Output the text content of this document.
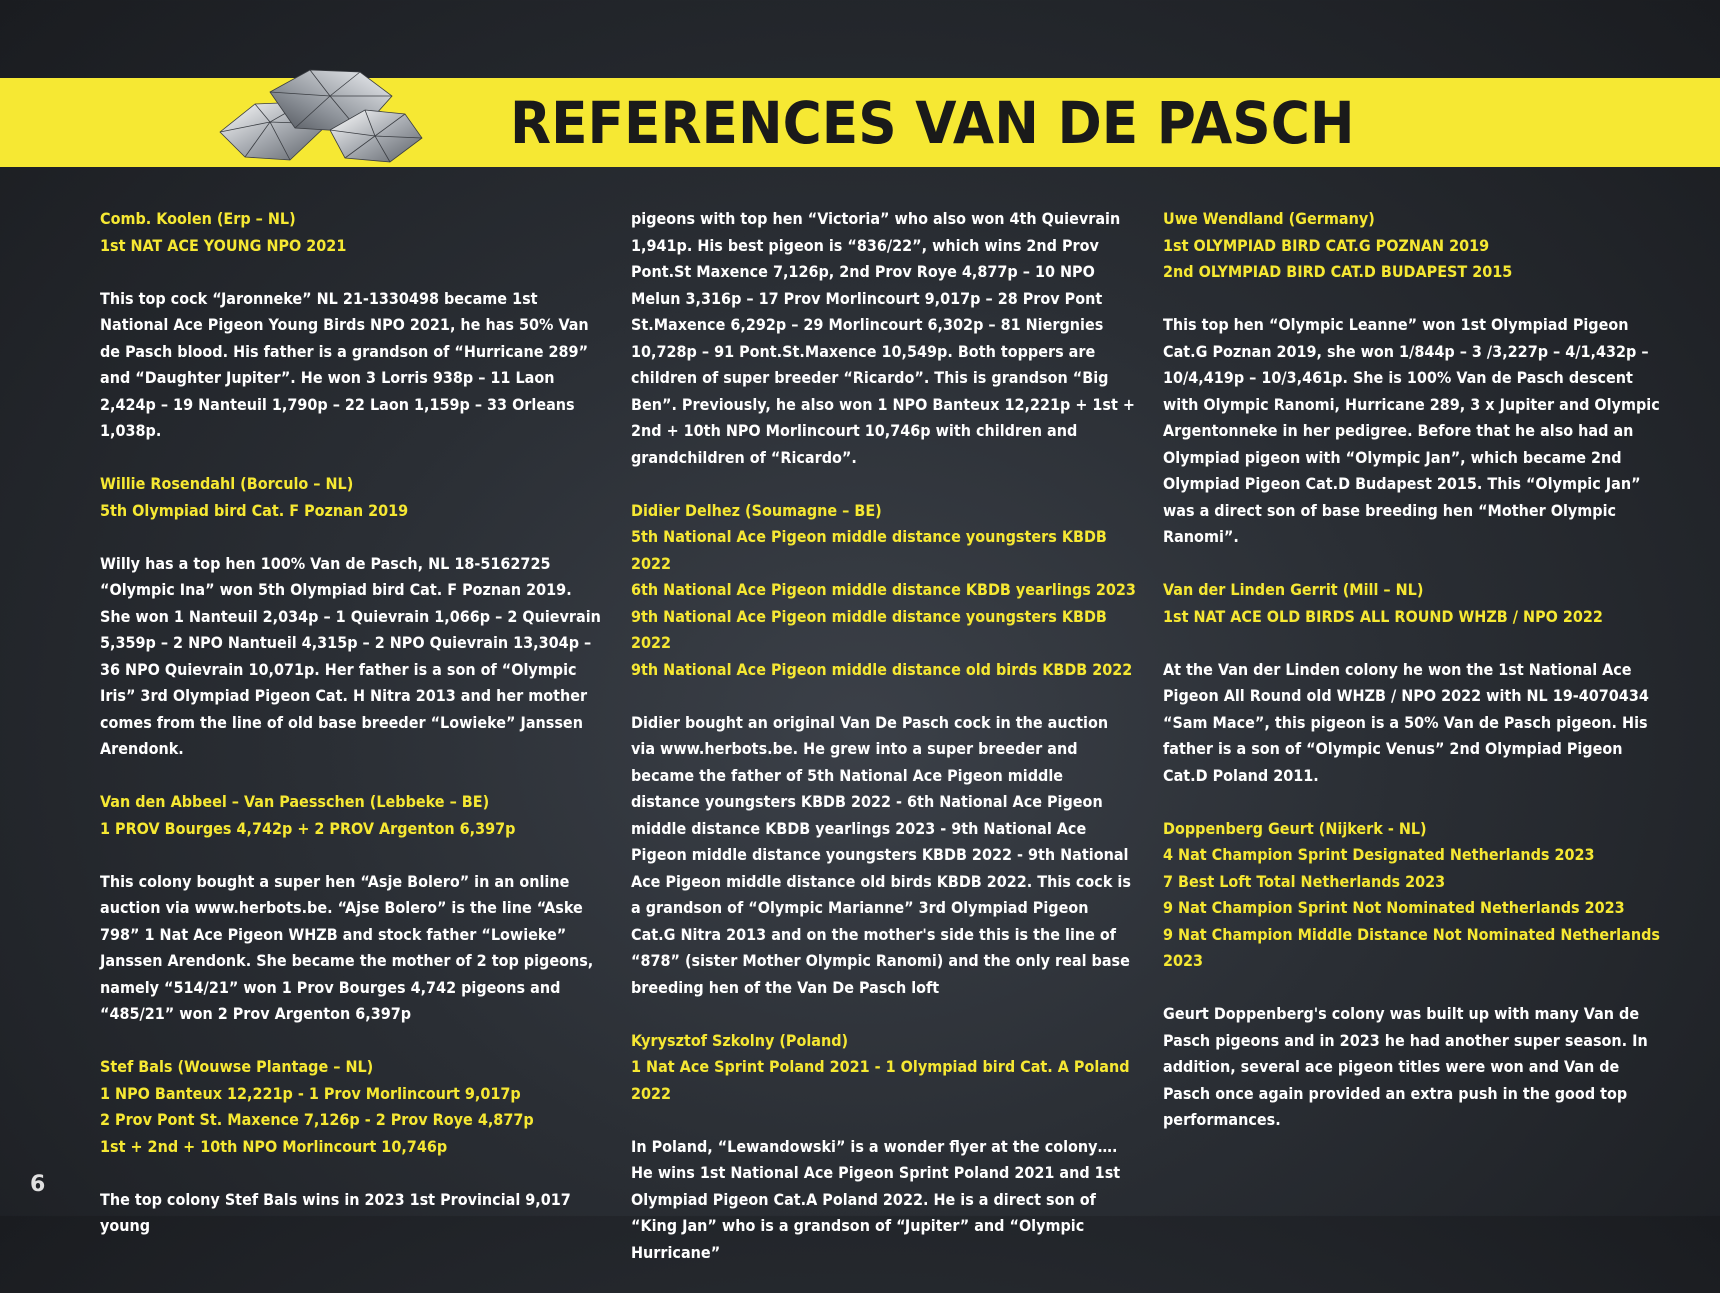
REFERENCES VAN DE PASCH

Comb. Koolen (Erp – NL)
1st NAT ACE YOUNG NPO 2021

This top cock “Jaronneke” NL 21-1330498 became 1st National Ace Pigeon Young Birds NPO 2021, he has 50% Van de Pasch blood. His father is a grandson of “Hurricane 289” and “Daughter Jupiter”. He won 3 Lorris 938p – 11 Laon 2,424p – 19 Nanteuil 1,790p – 22 Laon 1,159p – 33 Orleans 1,038p.

Willie Rosendahl (Borculo – NL)
5th Olympiad bird Cat. F Poznan 2019

Willy has a top hen 100% Van de Pasch, NL 18-5162725 “Olympic Ina” won 5th Olympiad bird Cat. F Poznan 2019. She won 1 Nanteuil 2,034p – 1 Quievrain 1,066p – 2 Quievrain 5,359p – 2 NPO Nantueil 4,315p – 2 NPO Quievrain 13,304p – 36 NPO Quievrain 10,071p. Her father is a son of “Olympic Iris” 3rd Olympiad Pigeon Cat. H Nitra 2013 and her mother comes from the line of old base breeder “Lowieke” Janssen Arendonk.

Van den Abbeel – Van Paesschen (Lebbeke – BE)
1 PROV Bourges 4,742p + 2 PROV Argenton 6,397p

This colony bought a super hen “Asje Bolero” in an online auction via www.herbots.be. “Ajse Bolero” is the line “Aske 798” 1 Nat Ace Pigeon WHZB and stock father “Lowieke” Janssen Arendonk. She became the mother of 2 top pigeons, namely “514/21” won 1 Prov Bourges 4,742 pigeons and “485/21” won 2 Prov Argenton 6,397p

Stef Bals (Wouwse Plantage – NL)
1 NPO Banteux 12,221p - 1 Prov Morlincourt 9,017p
2 Prov Pont St. Maxence 7,126p - 2 Prov Roye 4,877p
1st + 2nd + 10th NPO Morlincourt 10,746p

The top colony Stef Bals wins in 2023 1st Provincial 9,017 young

pigeons with top hen “Victoria” who also won 4th Quievrain 1,941p. His best pigeon is “836/22”, which wins 2nd Prov Pont.St Maxence 7,126p, 2nd Prov Roye 4,877p – 10 NPO Melun 3,316p – 17 Prov Morlincourt 9,017p – 28 Prov Pont St.Maxence 6,292p – 29 Morlincourt 6,302p – 81 Niergnies 10,728p – 91 Pont.St.Maxence 10,549p. Both toppers are children of super breeder “Ricardo”. This is grandson “Big Ben”. Previously, he also won 1 NPO Banteux 12,221p + 1st + 2nd + 10th NPO Morlincourt 10,746p with children and grandchildren of “Ricardo”.

Didier Delhez (Soumagne – BE)
5th National Ace Pigeon middle distance youngsters KBDB 2022
6th National Ace Pigeon middle distance KBDB yearlings 2023
9th National Ace Pigeon middle distance youngsters KBDB 2022
9th National Ace Pigeon middle distance old birds KBDB 2022

Didier bought an original Van De Pasch cock in the auction via www.herbots.be. He grew into a super breeder and became the father of 5th National Ace Pigeon middle distance youngsters KBDB 2022 - 6th National Ace Pigeon middle distance KBDB yearlings 2023 - 9th National Ace Pigeon middle distance youngsters KBDB 2022 - 9th National Ace Pigeon middle distance old birds KBDB 2022. This cock is a grandson of “Olympic Marianne” 3rd Olympiad Pigeon Cat.G Nitra 2013 and on the mother's side this is the line of “878” (sister Mother Olympic Ranomi) and the only real base breeding hen of the Van De Pasch loft

Kyrysztof Szkolny (Poland)
1 Nat Ace Sprint Poland 2021 - 1 Olympiad bird Cat. A Poland 2022

In Poland, “Lewandowski” is a wonder flyer at the colony…. He wins 1st National Ace Pigeon Sprint Poland 2021 and 1st Olympiad Pigeon Cat.A Poland 2022. He is a direct son of “King Jan” who is a grandson of “Jupiter” and “Olympic Hurricane”

Uwe Wendland (Germany)
1st OLYMPIAD BIRD CAT.G POZNAN 2019
2nd OLYMPIAD BIRD CAT.D BUDAPEST 2015

This top hen “Olympic Leanne” won 1st Olympiad Pigeon Cat.G Poznan 2019, she won 1/844p – 3 /3,227p – 4/1,432p – 10/4,419p – 10/3,461p. She is 100% Van de Pasch descent with Olympic Ranomi, Hurricane 289, 3 x Jupiter and Olympic Argentonneke in her pedigree. Before that he also had an Olympiad pigeon with “Olympic Jan”, which became 2nd Olympiad Pigeon Cat.D Budapest 2015. This “Olympic Jan” was a direct son of base breeding hen “Mother Olympic Ranomi”.

Van der Linden Gerrit (Mill – NL)
1st NAT ACE OLD BIRDS ALL ROUND WHZB / NPO 2022

At the Van der Linden colony he won the 1st National Ace Pigeon All Round old WHZB / NPO 2022 with NL 19-4070434 “Sam Mace”, this pigeon is a 50% Van de Pasch pigeon. His father is a son of “Olympic Venus” 2nd Olympiad Pigeon Cat.D Poland 2011.

Doppenberg Geurt (Nijkerk - NL)
4 Nat Champion Sprint Designated Netherlands 2023
7 Best Loft Total Netherlands 2023
9 Nat Champion Sprint Not Nominated Netherlands 2023
9 Nat Champion Middle Distance Not Nominated Netherlands 2023

Geurt Doppenberg's colony was built up with many Van de Pasch pigeons and in 2023 he had another super season. In addition, several ace pigeon titles were won and Van de Pasch once again provided an extra push in the good top performances.

6
